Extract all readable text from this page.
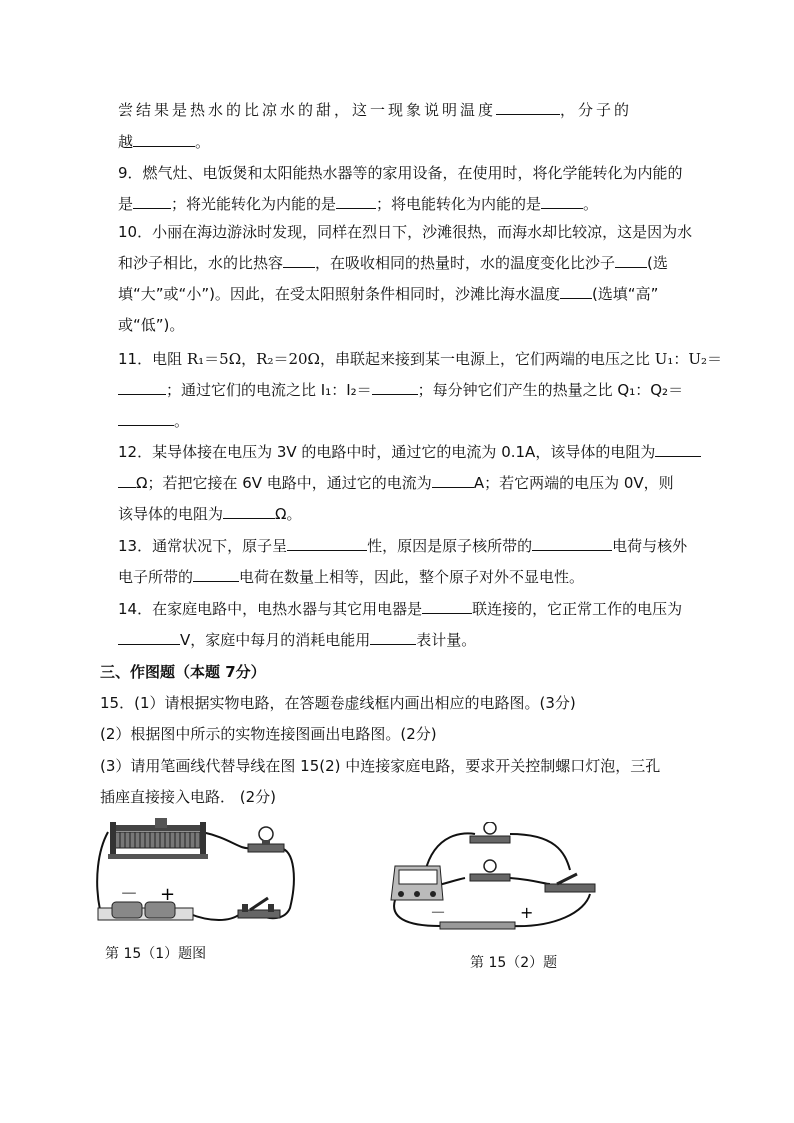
尝结果是热水的比凉水的甜，这一现象说明温度	，分子的
越	。
9．燃气灶、电饭煲和太阳能热水器等的家用设备，在使用时，将化学能转化为内能的
是	；将光能转化为内能的是	；将电能转化为内能的是	。
10．小丽在海边游泳时发现，同样在烈日下，沙滩很热，而海水却比较凉，这是因为水
和沙子相比，水的比热容 ，在吸收相同的热量时，水的温度变化比沙子 (选
填“大”或“小”)。因此，在受太阳照射条件相同时，沙滩比海水温度 (选填“高”
或“低”)。
11．电阻 R₁＝5Ω，R₂＝20Ω，串联起来接到某一电源上，它们两端的电压之比 U₁：U₂＝
；通过它们的电流之比 I₁：I₂＝	；每分钟它们产生的热量之比 Q₁：Q₂＝
。
12．某导体接在电压为 3V 的电路中时，通过它的电流为 0.1A，该导体的电阻为
Ω；若把它接在 6V 电路中，通过它的电流为	A；若它两端的电压为 0V，则
该导体的电阻为	Ω。
13．通常状况下，原子呈	性，原因是原子核所带的	电荷与核外
电子所带的	电荷在数量上相等，因此，整个原子对外不显电性。
14．在家庭电路中，电热水器与其它用电器是	联连接的，它正常工作的电压为
V，家庭中每月的消耗电能用	表计量。
三、作图题（本题 7分）
15．(1）请根据实物电路，在答题卷虚线框内画出相应的电路图。(3分)
(2）根据图中所示的实物连接图画出电路图。(2分)
(3）请用笔画线代替导线在图 15(2) 中连接家庭电路，要求开关控制螺口灯泡，三孔
插座直接接入电路． (2分)
－ +
第 15（1）题图
－	+
第 15（2）题
